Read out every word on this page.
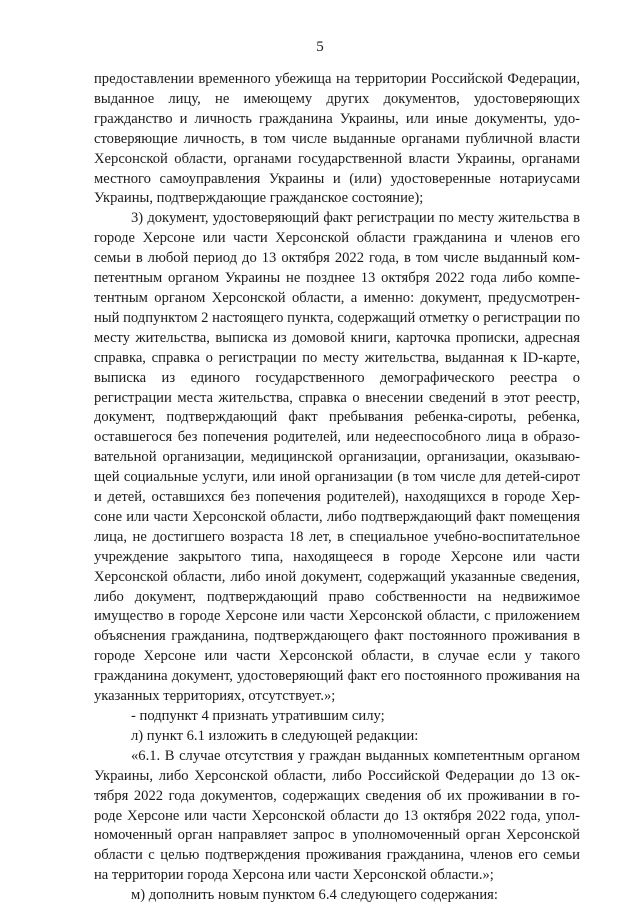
5

предоставлении временного убежища на территории Российской Федерации, выданное лицу, не имеющему других документов, удостоверяющих гражданство и личность гражданина Украины, или иные документы, удостоверяющие личность, в том числе выданные органами публичной власти Херсонской области, органами государственной власти Украины, органами местного самоуправления Украины и (или) удостоверенные нотариусами Украины, подтверждающие гражданское состояние);

3) документ, удостоверяющий факт регистрации по месту жительства в городе Херсоне или части Херсонской области гражданина и членов его семьи в любой период до 13 октября 2022 года, в том числе выданный компетентным органом Украины не позднее 13 октября 2022 года либо компетентным органом Херсонской области, а именно: документ, предусмотренный подпунктом 2 настоящего пункта, содержащий отметку о регистрации по месту жительства, выписка из домовой книги, карточка прописки, адресная справка, справка о регистрации по месту жительства, выданная к ID-карте, выписка из единого государственного демографического реестра о регистрации места жительства, справка о внесении сведений в этот реестр, документ, подтверждающий факт пребывания ребенка-сироты, ребенка, оставшегося без попечения родителей, или недееспособного лица в образовательной организации, медицинской организации, организации, оказывающей социальные услуги, или иной организации (в том числе для детей-сирот и детей, оставшихся без попечения родителей), находящихся в городе Херсоне или части Херсонской области, либо подтверждающий факт помещения лица, не достигшего возраста 18 лет, в специальное учебно-воспитательное учреждение закрытого типа, находящееся в городе Херсоне или части Херсонской области, либо иной документ, содержащий указанные сведения, либо документ, подтверждающий право собственности на недвижимое имущество в городе Херсоне или части Херсонской области, с приложением объяснения гражданина, подтверждающего факт постоянного проживания в городе Херсоне или части Херсонской области, в случае если у такого гражданина документ, удостоверяющий факт его постоянного проживания на указанных территориях, отсутствует.»;

- подпункт 4 признать утратившим силу;

л) пункт 6.1 изложить в следующей редакции:

«6.1. В случае отсутствия у граждан выданных компетентным органом Украины, либо Херсонской области, либо Российской Федерации до 13 октября 2022 года документов, содержащих сведения об их проживании в городе Херсоне или части Херсонской области до 13 октября 2022 года, уполномоченный орган направляет запрос в уполномоченный орган Херсонской области с целью подтверждения проживания гражданина, членов его семьи на территории города Херсона или части Херсонской области.»;

м) дополнить новым пунктом 6.4 следующего содержания:
